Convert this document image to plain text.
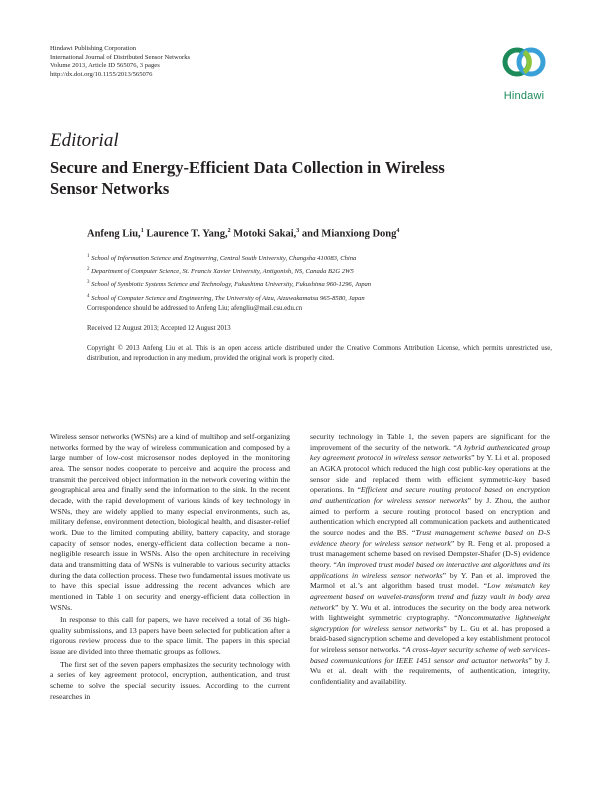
Hindawi Publishing Corporation
International Journal of Distributed Sensor Networks
Volume 2013, Article ID 565076, 3 pages
http://dx.doi.org/10.1155/2013/565076
Hindawi
Editorial
Secure and Energy-Efficient Data Collection in Wireless Sensor Networks
Anfeng Liu,$^1$ Laurence T. Yang,$^2$ Motoki Sakai,$^3$ and Mianxiong Dong$^4$
$^1$ School of Information Science and Engineering, Central South University, Changsha 410083, China
$^2$ Department of Computer Science, St. Francis Xavier University, Antigonish, NS, Canada B2G 2W5
$^3$ School of Symbiotic Systems Science and Technology, Fukushima University, Fukushima 960-1296, Japan
$^4$ School of Computer Science and Engineering, The University of Aizu, Aizuwakamatsu 965-8580, Japan
Correspondence should be addressed to Anfeng Liu; afengliu@mail.csu.edu.cn
Received 12 August 2013; Accepted 12 August 2013
Copyright © 2013 Anfeng Liu et al. This is an open access article distributed under the Creative Commons Attribution License, which permits unrestricted use, distribution, and reproduction in any medium, provided the original work is properly cited.

Wireless sensor networks (WSNs) are a kind of multihop and self-organizing networks formed by the way of wireless communication and composed by a large number of low-cost microsensor nodes deployed in the monitoring area. The sensor nodes cooperate to perceive and acquire the process and transmit the perceived object information in the network covering within the geographical area and finally send the information to the sink. In the recent decade, with the rapid development of various kinds of key technology in WSNs, they are widely applied to many especial environments, such as, military defense, environment detection, biological health, and disaster-relief work. Due to the limited computing ability, battery capacity, and storage capacity of sensor nodes, energy-efficient data collection became a non-negligible research issue in WSNs. Also the open architecture in receiving data and transmitting data of WSNs is vulnerable to various security attacks during the data collection process. These two fundamental issues motivate us to have this special issue addressing the recent advances which are mentioned in Table 1 on security and energy-efficient data collection in WSNs.

In response to this call for papers, we have received a total of 36 high-quality submissions, and 13 papers have been selected for publication after a rigorous review process due to the space limit. The papers in this special issue are divided into three thematic groups as follows.

The first set of the seven papers emphasizes the security technology with a series of key agreement protocol, encryption, authentication, and trust scheme to solve the special security issues. According to the current researches in

security technology in Table 1, the seven papers are significant for the improvement of the security of the network. “A hybrid authenticated group key agreement protocol in wireless sensor networks” by Y. Li et al. proposed an AGKA protocol which reduced the high cost public-key operations at the sensor side and replaced them with efficient symmetric-key based operations. In “Efficient and secure routing protocol based on encryption and authentication for wireless sensor networks” by J. Zhou, the author aimed to perform a secure routing protocol based on encryption and authentication which encrypted all communication packets and authenticated the source nodes and the BS. “Trust management scheme based on D-S evidence theory for wireless sensor network” by R. Feng et al. proposed a trust management scheme based on revised Dempster-Shafer (D-S) evidence theory. “An improved trust model based on interactive ant algorithms and its applications in wireless sensor networks” by Y. Pan et al. improved the Marmol et al.’s ant algorithm based trust model. “Low mismatch key agreement based on wavelet-transform trend and fuzzy vault in body area network” by Y. Wu et al. introduces the security on the body area network with lightweight symmetric cryptography. “Noncommutative lightweight signcryption for wireless sensor networks” by L. Gu et al. has proposed a braid-based signcryption scheme and developed a key establishment protocol for wireless sensor networks. “A cross-layer security scheme of web services-based communications for IEEE 1451 sensor and actuator networks” by J. Wu et al. dealt with the requirements, of authentication, integrity, confidentiality and availability.
